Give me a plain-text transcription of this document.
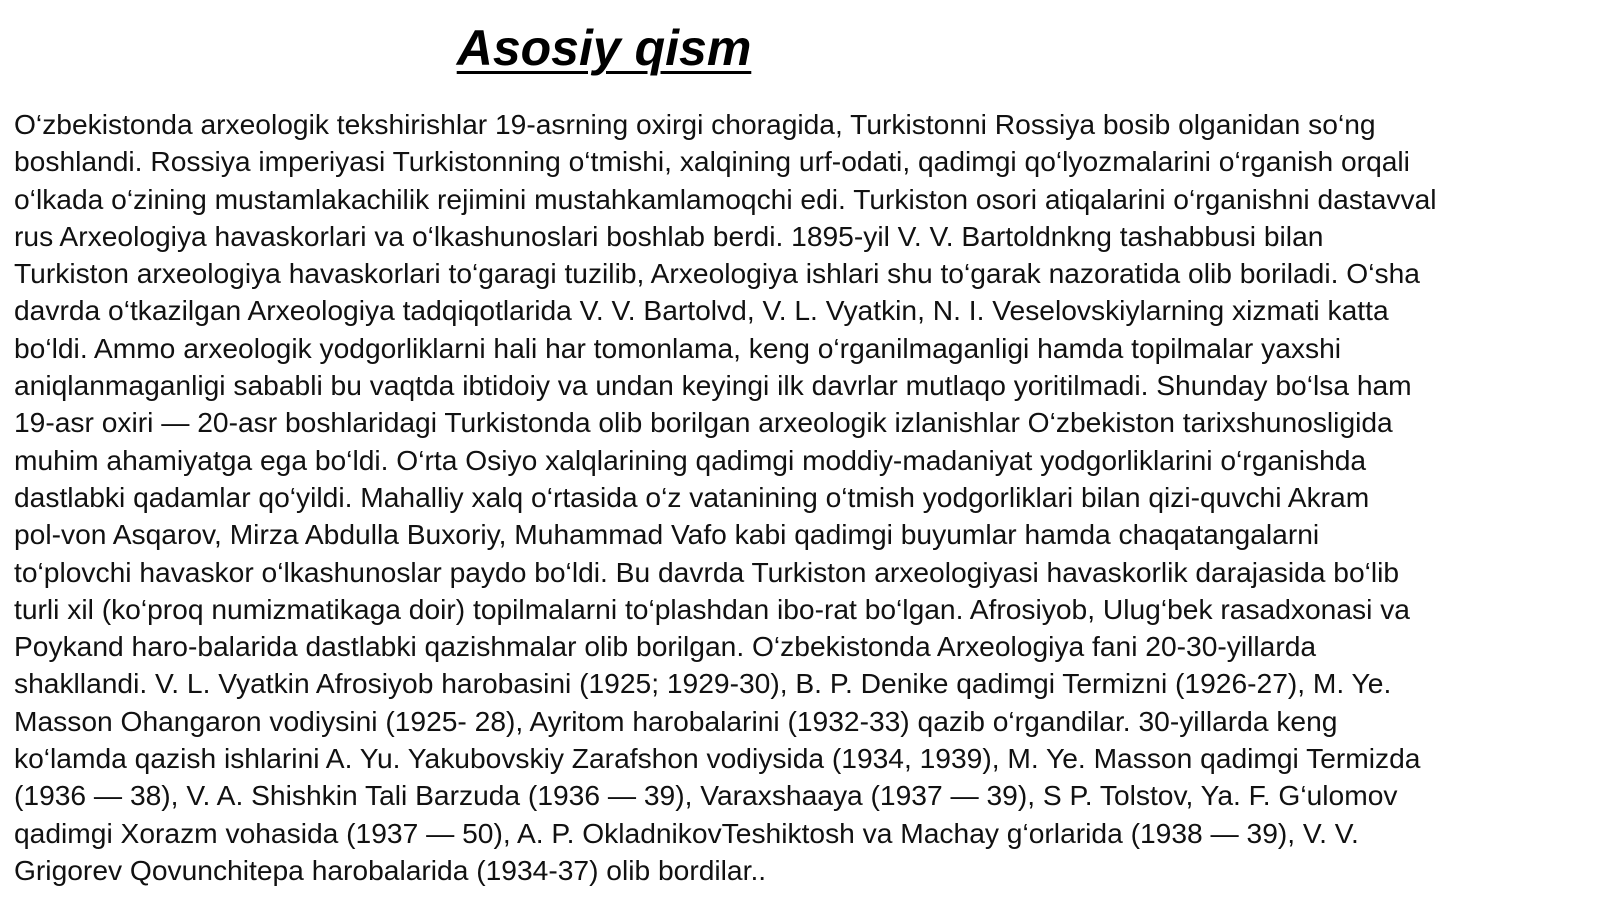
Asosiy qism

O‘zbekistonda arxeologik tekshirishlar 19-asrning oxirgi choragida, Turkistonni Rossiya bosib olganidan so‘ng
boshlandi. Rossiya imperiyasi Turkistonning o‘tmishi, xalqining urf-odati, qadimgi qo‘lyozmalarini o‘rganish orqali
o‘lkada o‘zining mustamlakachilik rejimini mustahkamlamoqchi edi. Turkiston osori atiqalarini o‘rganishni dastavval
rus Arxeologiya havaskorlari va o‘lkashunoslari boshlab berdi. 1895-yil V. V. Bartoldnkng tashabbusi bilan
Turkiston arxeologiya havaskorlari to‘garagi tuzilib, Arxeologiya ishlari shu to‘garak nazoratida olib boriladi. O‘sha
davrda o‘tkazilgan Arxeologiya tadqiqotlarida V. V. Bartolvd, V. L. Vyatkin, N. I. Veselovskiylarning xizmati katta
bo‘ldi. Ammo arxeologik yodgorliklarni hali har tomonlama, keng o‘rganilmaganligi hamda topilmalar yaxshi
aniqlanmaganligi sababli bu vaqtda ibtidoiy va undan keyingi ilk davrlar mutlaqo yoritilmadi. Shunday bo‘lsa ham
19-asr oxiri — 20-asr boshlaridagi Turkistonda olib borilgan arxeologik izlanishlar O‘zbekiston tarixshunosligida
muhim ahamiyatga ega bo‘ldi. O‘rta Osiyo xalqlarining qadimgi moddiy-madaniyat yodgorliklarini o‘rganishda
dastlabki qadamlar qo‘yildi. Mahalliy xalq o‘rtasida o‘z vatanining o‘tmish yodgorliklari bilan qizi-quvchi Akram
pol-von Asqarov, Mirza Abdulla Buxoriy, Muhammad Vafo kabi qadimgi buyumlar hamda chaqatangalarni
to‘plovchi havaskor o‘lkashunoslar paydo bo‘ldi. Bu davrda Turkiston arxeologiyasi havaskorlik darajasida bo‘lib
turli xil (ko‘proq numizmatikaga doir) topilmalarni to‘plashdan ibo-rat bo‘lgan. Afrosiyob, Ulug‘bek rasadxonasi va
Poykand haro-balarida dastlabki qazishmalar olib borilgan. O‘zbekistonda Arxeologiya fani 20-30-yillarda
shakllandi. V. L. Vyatkin Afrosiyob harobasini (1925; 1929-30), B. P. Denike qadimgi Termizni (1926-27), M. Ye.
Masson Ohangaron vodiysini (1925- 28), Ayritom harobalarini (1932-33) qazib o‘rgandilar. 30-yillarda keng
ko‘lamda qazish ishlarini A. Yu. Yakubovskiy Zarafshon vodiysida (1934, 1939), M. Ye. Masson qadimgi Termizda
(1936 — 38), V. A. Shishkin Tali Barzuda (1936 — 39), Varaxshaaya (1937 — 39), S P. Tolstov, Ya. F. G‘ulomov
qadimgi Xorazm vohasida (1937 — 50), A. P. OkladnikovTeshiktosh va Machay g‘orlarida (1938 — 39), V. V.
Grigorev Qovunchitepa harobalarida (1934-37) olib bordilar..
